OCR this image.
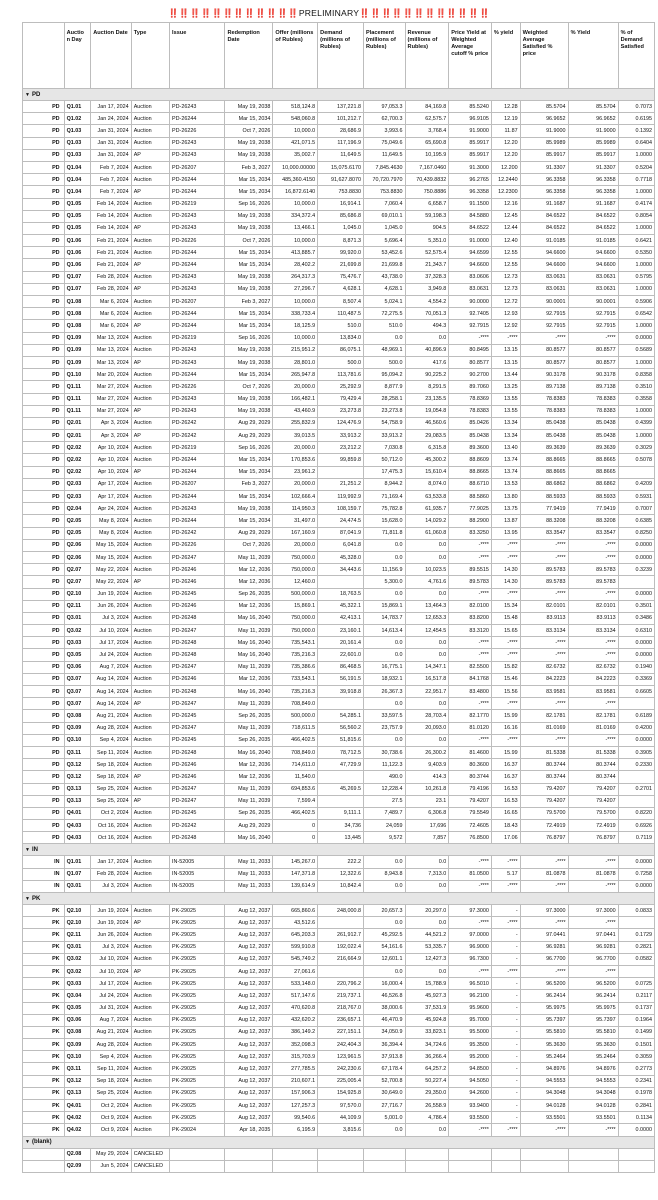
‼️‼️‼️‼️‼️‼️‼️‼️‼️‼️‼️‼️PRELIMINARY‼️‼️‼️‼️‼️‼️‼️‼️‼️‼️‼️‼️
	Auctio n Day	Auction Date	Type	Issue	Redemption Date	Offer (millions of Rubles)	Demand (millions of Rubles)	Placement (millions of Rubles)	Revenue (millions of Rubles)	Price Yield at Weighted Average cutoff % price	% yield	Weighted Average Satisfied % price	% Yield	% of Demand Satisfied
▼ PD														
PD	Q1.01	Jan 17, 2024	Auction	PD-26243	May 19, 2038	518,124.8	137,221.8	97,053.3	84,169.8	85.5240	12.28	85.5704	85.5704	0.7073
PD	Q1.02	Jan 24, 2024	Auction	PD-26244	Mar 15, 2034	548,060.8	101,212.7	62,700.3	62,575.7	96.9105	12.19	96.9652	96.9652	0.6195
PD	Q1.03	Jan 31, 2024	Auction	PD-26226	Oct 7, 2026	10,000.0	28,686.9	3,993.6	3,768.4	91.9000	11.87	91.9000	91.9000	0.1392
PD	Q1.03	Jan 31, 2024	Auction	PD-26243	May 19, 2038	421,071.5	117,196.9	75,049.6	65,690.8	85.9917	12.20	85.9989	85.9989	0.6404
PD	Q1.03	Jan 31, 2024	AP	PD-26243	May 19, 2038	35,002.7	11,649.5	11,649.5	10,195.9	85.9917	12.20	85.9917	85.9917	1.0000
PD	Q1.04	Feb 7, 2024	Auction	PD-26207	Feb 3, 2027	10,000.00000	15,075.6170	7,845.4630	7,167.0460	91.3000	12.200	91.3307	91.3307	0.5204
PD	Q1.04	Feb 7, 2024	Auction	PD-26244	Mar 15, 2034	485,360.4150	91,627.8070	70,720.7970	70,439.8832	96.2765	12.2440	96.3358	96.3358	0.7718
PD	Q1.04	Feb 7, 2024	AP	PD-26244	Mar 15, 2034	16,872.6140	753.8830	753.8830	750.8886	96.3358	12.2300	96.3358	96.3358	1.0000
PD	Q1.05	Feb 14, 2024	Auction	PD-26219	Sep 16, 2026	10,000.0	16,914.1	7,060.4	6,658.7	91.1500	12.16	91.1687	91.1687	0.4174
PD	Q1.05	Feb 14, 2024	Auction	PD-26243	May 19, 2038	334,372.4	85,686.8	69,010.1	59,198.3	84.5880	12.45	84.6522	84.6522	0.8054
PD	Q1.05	Feb 14, 2024	AP	PD-26243	May 19, 2038	13,466.1	1,045.0	1,045.0	904.5	84.6522	12.44	84.6522	84.6522	1.0000
PD	Q1.06	Feb 21, 2024	Auction	PD-26226	Oct 7, 2026	10,000.0	8,871.3	5,696.4	5,351.0	91.0000	12.40	91.0185	91.0185	0.6421
PD	Q1.06	Feb 21, 2024	Auction	PD-26244	Mar 15, 2034	413,885.7	99,920.0	53,452.6	52,575.4	94.6599	12.55	94.6600	94.6600	0.5350
PD	Q1.06	Feb 21, 2024	AP	PD-26244	Mar 15, 2034	28,402.2	21,699.8	21,699.8	21,343.7	94.6600	12.55	94.6600	94.6600	1.0000
PD	Q1.07	Feb 28, 2024	Auction	PD-26243	May 19, 2038	264,317.3	75,476.7	43,738.0	37,328.3	83.0606	12.73	83.0631	83.0631	0.5795
PD	Q1.07	Feb 28, 2024	AP	PD-26243	May 19, 2038	27,296.7	4,628.1	4,628.1	3,949.8	83.0631	12.73	83.0631	83.0631	1.0000
PD	Q1.08	Mar 6, 2024	Auction	PD-26207	Feb 3, 2027	10,000.0	8,507.4	5,024.1	4,554.2	90.0000	12.72	90.0001	90.0001	0.5906
PD	Q1.08	Mar 6, 2024	Auction	PD-26244	Mar 15, 2034	338,733.4	110,487.5	72,275.5	70,051.3	92.7405	12.93	92.7915	92.7915	0.6542
PD	Q1.08	Mar 6, 2024	AP	PD-26244	Mar 15, 2034	18,125.9	510.0	510.0	494.3	92.7915	12.92	92.7915	92.7915	1.0000
PD	Q1.09	Mar 13, 2024	Auction	PD-26219	Sep 16, 2026	10,000.0	13,834.0	0.0	0.0	-****	-****	-****	-****	0.0000
PD	Q1.09	Mar 13, 2024	Auction	PD-26243	May 19, 2038	215,951.2	86,075.1	48,969.1	40,896.9	80.8495	13.15	80.8577	80.8577	0.5689
PD	Q1.09	Mar 13, 2024	AP	PD-26243	May 19, 2038	28,801.0	500.0	500.0	417.6	80.8577	13.15	80.8577	80.8577	1.0000
PD	Q1.10	Mar 20, 2024	Auction	PD-26244	Mar 15, 2034	265,947.8	113,781.6	95,094.2	90,225.2	90.2700	13.44	90.3178	90.3178	0.8358
PD	Q1.11	Mar 27, 2024	Auction	PD-26226	Oct 7, 2026	20,000.0	25,292.9	8,877.9	8,291.5	89.7060	13.25	89.7138	89.7138	0.3510
PD	Q1.11	Mar 27, 2024	Auction	PD-26243	May 19, 2038	166,482.1	79,429.4	28,258.1	23,135.5	78.8369	13.55	78.8383	78.8383	0.3558
PD	Q1.11	Mar 27, 2024	AP	PD-26243	May 19, 2038	43,460.9	23,273.8	23,273.8	19,054.8	78.8383	13.55	78.8383	78.8383	1.0000
PD	Q2.01	Apr 3, 2024	Auction	PD-26242	Aug 29, 2029	255,832.9	124,476.9	54,758.9	46,560.6	85.0426	13.34	85.0438	85.0438	0.4399
PD	Q2.01	Apr 3, 2024	AP	PD-26242	Aug 29, 2029	39,013.5	33,913.2	33,913.2	29,083.5	85.0438	13.34	85.0438	85.0438	1.0000
PD	Q2.02	Apr 10, 2024	Auction	PD-26219	Sep 16, 2026	20,000.0	23,212.2	7,030.8	6,315.8	89.3600	13.40	89.3639	89.3639	0.3029
PD	Q2.02	Apr 10, 2024	Auction	PD-26244	Mar 15, 2034	170,853.6	99,859.8	50,712.0	45,300.2	88.8609	13.74	88.8665	88.8665	0.5078
PD	Q2.02	Apr 10, 2024	AP	PD-26244	Mar 15, 2034	23,961.2		17,475.3	15,610.4	88.8665	13.74	88.8665	88.8665	
PD	Q2.03	Apr 17, 2024	Auction	PD-26207	Feb 3, 2027	20,000.0	21,251.2	8,944.2	8,074.0	88.6710	13.53	88.6862	88.6862	0.4209
PD	Q2.03	Apr 17, 2024	Auction	PD-26244	Mar 15, 2034	102,666.4	119,992.9	71,169.4	63,533.8	88.5860	13.80	88.5933	88.5933	0.5931
PD	Q2.04	Apr 24, 2024	Auction	PD-26243	May 19, 2038	114,950.3	108,159.7	75,782.8	61,935.7	77.9025	13.75	77.9419	77.9419	0.7007
PD	Q2.05	May 8, 2024	Auction	PD-26244	Mar 15, 2034	31,497.0	24,474.5	15,628.0	14,029.2	88.2900	13.87	88.3208	88.3208	0.6385
PD	Q2.05	May 8, 2024	Auction	PD-26242	Aug 29, 2029	167,160.9	87,041.9	71,811.8	61,060.8	83.3250	13.95	83.3547	83.3547	0.8250
PD	Q2.06	May 15, 2024	Auction	PD-26226	Oct 7, 2026	20,000.0	6,041.8	0.0	0.0	-****	-****	-****	-****	0.0000
PD	Q2.06	May 15, 2024	Auction	PD-26247	May 11, 2039	750,000.0	45,328.0	0.0	0.0	-****	-****	-****	-****	0.0000
PD	Q2.07	May 22, 2024	Auction	PD-26246	Mar 12, 2036	750,000.0	34,443.6	11,156.9	10,023.5	89.5515	14.30	89.5783	89.5783	0.3239
PD	Q2.07	May 22, 2024	AP	PD-26246	Mar 12, 2036	12,460.0		5,300.0	4,761.6	89.5783	14.30	89.5783	89.5783	
PD	Q2.10	Jun 19, 2024	Auction	PD-26245	Sep 26, 2035	500,000.0	18,763.5	0.0	0.0	-****	-****	-****	-****	0.0000
PD	Q2.11	Jun 26, 2024	Auction	PD-26246	Mar 12, 2036	15,869.1	45,322.1	15,869.1	13,464.3	82.0100	15.34	82.0101	82.0101	0.3501
PD	Q3.01	Jul 3, 2024	Auction	PD-26248	May 16, 2040	750,000.0	42,413.1	14,783.7	12,653.3	83.8200	15.48	83.9113	83.9113	0.3486
PD	Q3.02	Jul 10, 2024	Auction	PD-26247	May 11, 2039	750,000.0	23,160.1	14,613.4	12,454.5	83.3120	15.65	83.3134	83.3134	0.6310
PD	Q3.03	Jul 17, 2024	Auction	PD-26248	May 16, 2040	735,543.1	20,161.4	0.0	0.0	-****	-****	-****	-****	0.0000
PD	Q3.05	Jul 24, 2024	Auction	PD-26248	May 16, 2040	735,216.3	22,601.0	0.0	0.0	-****	-****	-****	-****	0.0000
PD	Q3.06	Aug 7, 2024	Auction	PD-26247	May 11, 2039	735,386.6	86,468.5	16,775.1	14,347.1	82.5500	15.82	82.6732	82.6732	0.1940
PD	Q3.07	Aug 14, 2024	Auction	PD-26246	Mar 12, 2036	733,543.1	56,191.5	18,932.1	16,517.8	84.1768	15.46	84.2223	84.2223	0.3369
PD	Q3.07	Aug 14, 2024	Auction	PD-26248	May 16, 2040	735,216.3	39,918.8	26,367.3	22,951.7	83.4800	15.56	83.9581	83.9581	0.6605
PD	Q3.07	Aug 14, 2024	AP	PD-26247	May 11, 2039	708,849.0		0.0	0.0	-****	-****	-****	-****	
PD	Q3.08	Aug 21, 2024	Auction	PD-26245	Sep 26, 2035	500,000.0	54,285.1	33,597.5	28,703.4	82.1770	15.99	82.1781	82.1781	0.6189
PD	Q3.09	Aug 28, 2024	Auction	PD-26247	May 11, 2039	718,611.5	56,560.2	23,757.9	20,093.0	81.0120	16.16	81.0169	81.0169	0.4200
PD	Q3.10	Sep 4, 2024	Auction	PD-26245	Sep 26, 2035	466,402.5	51,815.6	0.0	0.0	-****	-****	-****	-****	0.0000
PD	Q3.11	Sep 11, 2024	Auction	PD-26248	May 16, 2040	708,849.0	78,712.5	30,738.6	26,300.2	81.4600	15.99	81.5338	81.5338	0.3905
PD	Q3.12	Sep 18, 2024	Auction	PD-26246	Mar 12, 2036	714,611.0	47,729.9	11,122.3	9,403.9	80.3600	16.37	80.3744	80.3744	0.2330
PD	Q3.12	Sep 18, 2024	AP	PD-26246	Mar 12, 2036	11,540.0		490.0	414.3	80.3744	16.37	80.3744	80.3744	
PD	Q3.13	Sep 25, 2024	Auction	PD-26247	May 11, 2039	694,853.6	45,269.5	12,228.4	10,261.8	79.4196	16.53	79.4207	79.4207	0.2701
PD	Q3.13	Sep 25, 2024	AP	PD-26247	May 11, 2039	7,599.4		27.5	23.1	79.4207	16.53	79.4207	79.4207	
PD	Q4.01	Oct 2, 2024	Auction	PD-26245	Sep 26, 2035	466,402.5	9,111.1	7,489.7	6,306.8	79.5549	16.65	79.5700	79.5700	0.8220
PD	Q4.03	Oct 16, 2024	Auction	PD-26242	Aug 29, 2029	0	34,736	24,059	17,696	72.4605	18.43	72.4919	72.4919	0.6926
PD	Q4.03	Oct 16, 2024	Auction	PD-26248	May 16, 2040	0	13,445	9,572	7,857	76.8500	17.06	76.8797	76.8797	0.7119
▼ IN														
IN	Q1.01	Jan 17, 2024	Auction	IN-52005	May 11, 2033	145,267.0	222.2	0.0	0.0	-****	-****	-****	-****	0.0000
IN	Q1.07	Feb 28, 2024	Auction	IN-52005	May 11, 2033	147,371.8	12,322.6	8,943.8	7,313.0	81.0500	5.17	81.0878	81.0878	0.7258
IN	Q3.01	Jul 3, 2024	Auction	IN-52005	May 11, 2033	139,614.9	10,842.4	0.0	0.0	-****	-****	-****	-****	0.0000
▼ PK														
PK	Q2.10	Jun 19, 2024	Auction	PK-29025	Aug 12, 2037	665,860.6	248,000.8	20,657.3	20,297.0	97.3000	-	97.3000	97.3000	0.0833
PK	Q2.10	Jun 19, 2024	AP	PK-29025	Aug 12, 2037	43,512.6		0.0	0.0	-****	-****	-****	-****	
PK	Q2.11	Jun 26, 2024	Auction	PK-29025	Aug 12, 2037	645,203.3	261,912.7	45,292.5	44,521.2	97.0000	-	97.0441	97.0441	0.1729
PK	Q3.01	Jul 3, 2024	Auction	PK-29025	Aug 12, 2037	599,910.8	192,022.4	54,161.6	53,335.7	96.9000	-	96.9281	96.9281	0.2821
PK	Q3.02	Jul 10, 2024	Auction	PK-29025	Aug 12, 2037	545,749.2	216,664.9	12,601.1	12,427.3	96.7300	-	96.7700	96.7700	0.0582
PK	Q3.02	Jul 10, 2024	AP	PK-29025	Aug 12, 2037	27,061.6		0.0	0.0	-****	-****	-****	-****	
PK	Q3.03	Jul 17, 2024	Auction	PK-29025	Aug 12, 2037	533,148.0	220,796.2	16,000.4	15,788.9	96.5010	-	96.5200	96.5200	0.0725
PK	Q3.04	Jul 24, 2024	Auction	PK-29025	Aug 12, 2037	517,147.6	219,737.1	46,526.8	45,927.3	96.2100	-	96.2414	96.2414	0.2117
PK	Q3.05	Jul 31, 2024	Auction	PK-29025	Aug 12, 2037	470,620.8	218,767.0	38,000.6	37,531.9	95.9600	-	95.9975	95.9975	0.1737
PK	Q3.06	Aug 7, 2024	Auction	PK-29025	Aug 12, 2037	432,620.2	236,657.1	46,470.9	45,924.8	95.7000	-	95.7397	95.7397	0.1964
PK	Q3.08	Aug 21, 2024	Auction	PK-29025	Aug 12, 2037	386,149.2	227,151.1	34,050.9	33,823.1	95.5000	-	95.5810	95.5810	0.1499
PK	Q3.09	Aug 28, 2024	Auction	PK-29025	Aug 12, 2037	352,098.3	242,404.3	36,394.4	34,724.6	95.3500	-	95.3630	95.3630	0.1501
PK	Q3.10	Sep 4, 2024	Auction	PK-29025	Aug 12, 2037	315,703.9	123,961.5	37,913.8	36,266.4	95.2000	-	95.2464	95.2464	0.3059
PK	Q3.11	Sep 11, 2024	Auction	PK-29025	Aug 12, 2037	277,785.5	242,230.6	67,178.4	64,257.2	94.8500	-	94.8976	94.8976	0.2773
PK	Q3.12	Sep 18, 2024	Auction	PK-29025	Aug 12, 2037	210,607.1	225,005.4	52,700.8	50,227.4	94.5050	-	94.5553	94.5553	0.2341
PK	Q3.13	Sep 25, 2024	Auction	PK-29025	Aug 12, 2037	157,906.3	154,925.8	30,649.0	29,350.0	94.2600	-	94.3048	94.3048	0.1978
PK	Q4.01	Oct 2, 2024	Auction	PK-29025	Aug 12, 2037	127,257.3	97,570.0	27,716.7	26,558.9	93.9400	-	94.0128	94.0128	0.2841
PK	Q4.02	Oct 9, 2024	Auction	PK-29025	Aug 12, 2037	99,540.6	44,109.9	5,001.0	4,786.4	93.5500	-	93.5501	93.5501	0.1134
PK	Q4.02	Oct 9, 2024	Auction	PK-29024	Apr 18, 2035	6,195.9	3,815.6	0.0	0.0	-****	-****	-****	-****	0.0000
▼ (blank)														
	Q2.08	May 29, 2024	CANCELED											
	Q2.09	Jun 5, 2024	CANCELED											
